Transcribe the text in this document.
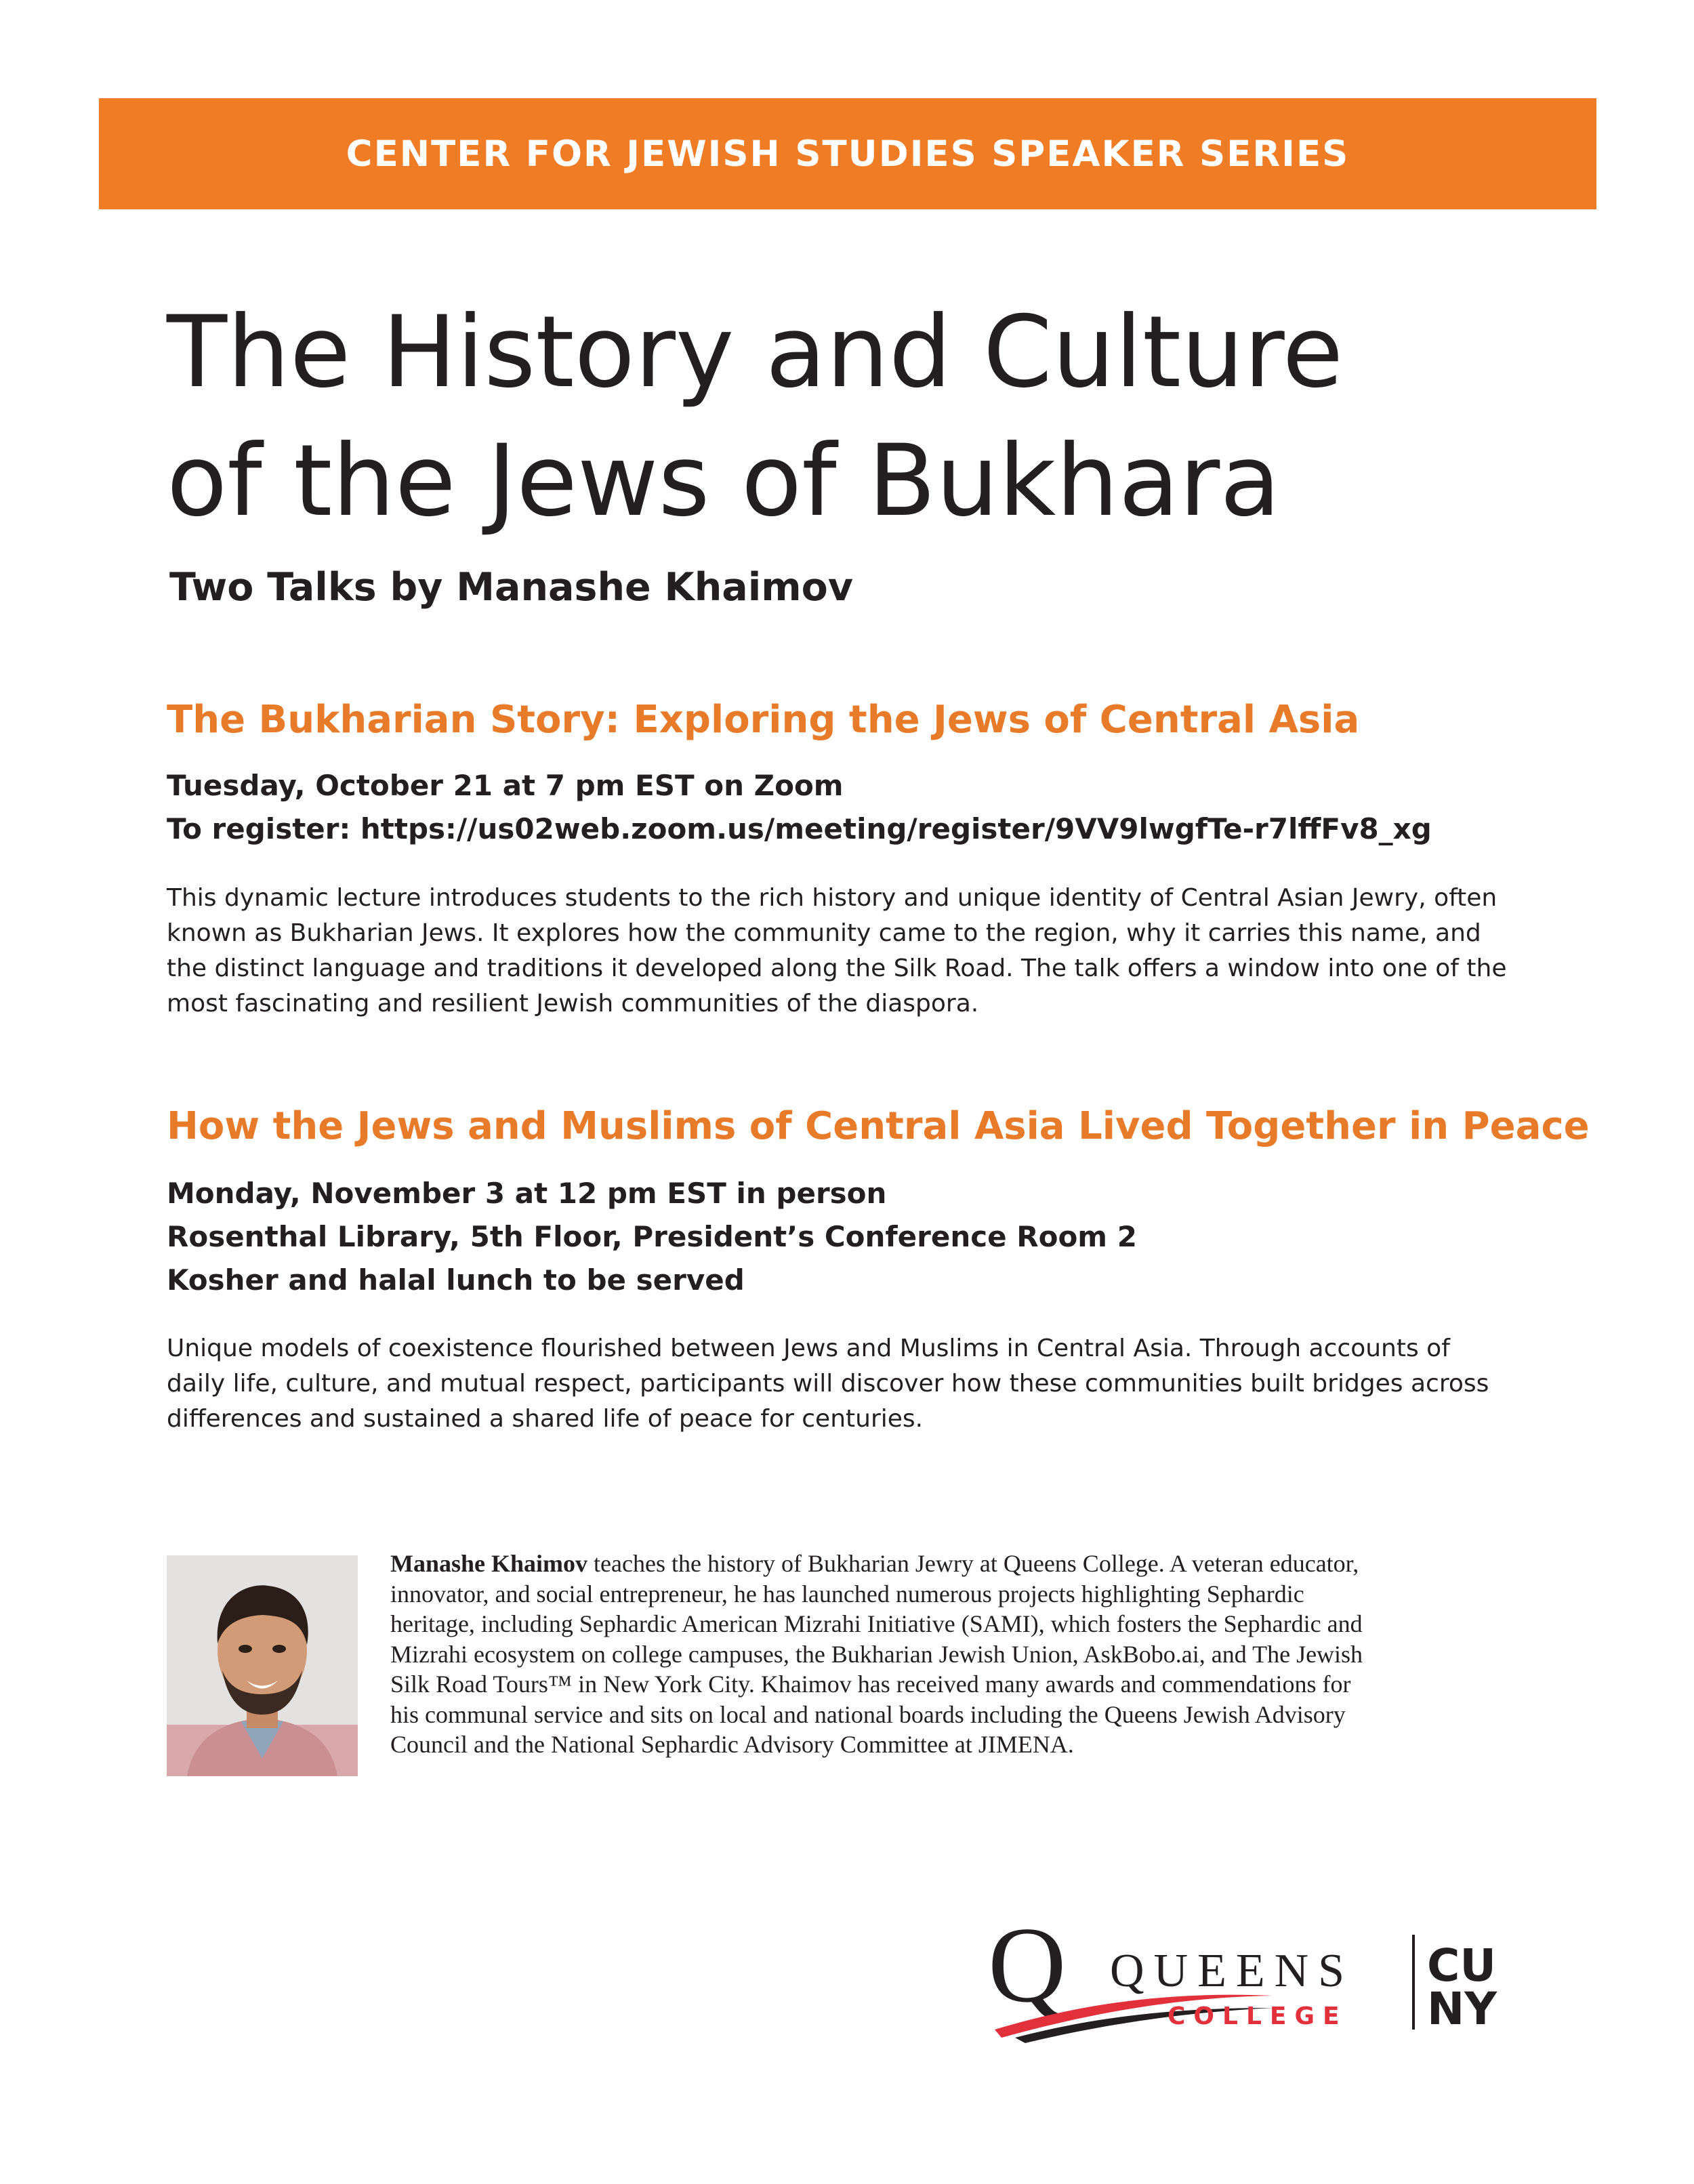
CENTER FOR JEWISH STUDIES SPEAKER SERIES
The History and Culture
of the Jews of Bukhara
Two Talks by Manashe Khaimov
The Bukharian Story: Exploring the Jews of Central Asia
Tuesday, October 21 at 7 pm EST on Zoom
To register: https://us02web.zoom.us/meeting/register/9VV9lwgfTe-r7lffFv8_xg
This dynamic lecture introduces students to the rich history and unique identity of Central Asian Jewry, often
known as Bukharian Jews. It explores how the community came to the region, why it carries this name, and
the distinct language and traditions it developed along the Silk Road. The talk offers a window into one of the
most fascinating and resilient Jewish communities of the diaspora.
How the Jews and Muslims of Central Asia Lived Together in Peace
Monday, November 3 at 12 pm EST in person
Rosenthal Library, 5th Floor, President’s Conference Room 2
Kosher and halal lunch to be served
Unique models of coexistence flourished between Jews and Muslims in Central Asia. Through accounts of
daily life, culture, and mutual respect, participants will discover how these communities built bridges across
differences and sustained a shared life of peace for centuries.
Manashe Khaimov teaches the history of Bukharian Jewry at Queens College. A veteran educator,
innovator, and social entrepreneur, he has launched numerous projects highlighting Sephardic
heritage, including Sephardic American Mizrahi Initiative (SAMI), which fosters the Sephardic and
Mizrahi ecosystem on college campuses, the Bukharian Jewish Union, AskBobo.ai, and The Jewish
Silk Road Tours™ in New York City. Khaimov has received many awards and commendations for
his communal service and sits on local and national boards including the Queens Jewish Advisory
Council and the National Sephardic Advisory Committee at JIMENA.
Q QUEENS
COLLEGE
CU
NY
